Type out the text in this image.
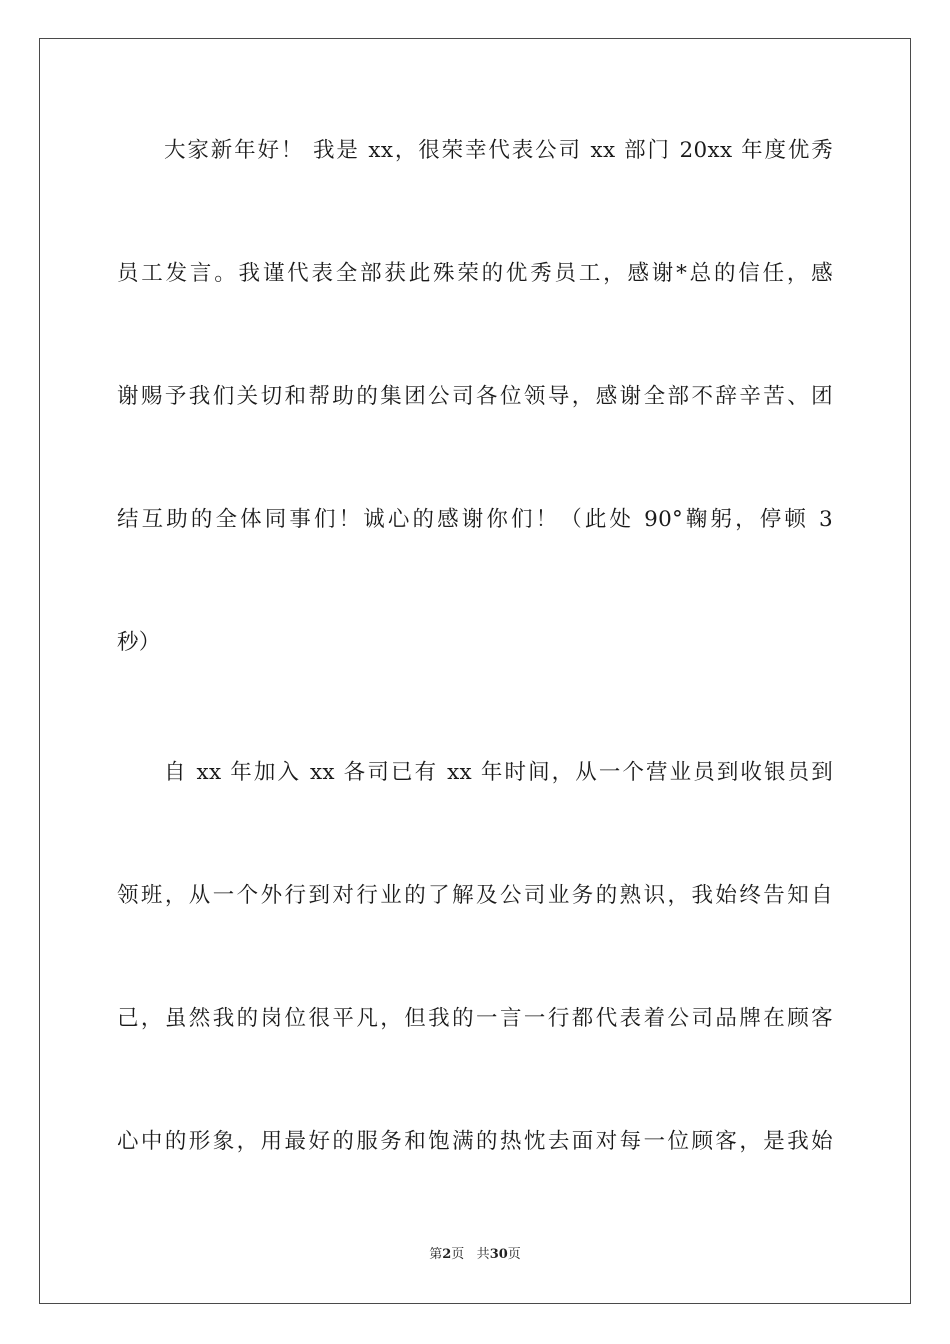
大家新年好！ 我是 xx，很荣幸代表公司 xx 部门 20xx 年度优秀
员工发言。我谨代表全部获此殊荣的优秀员工，感谢*总的信任，感
谢赐予我们关切和帮助的集团公司各位领导，感谢全部不辞辛苦、团
结互助的全体同事们！诚心的感谢你们！（此处 90°鞠躬，停顿 3
秒）
自 xx 年加入 xx 各司已有 xx 年时间，从一个营业员到收银员到
领班，从一个外行到对行业的了解及公司业务的熟识，我始终告知自
己，虽然我的岗位很平凡，但我的一言一行都代表着公司品牌在顾客
心中的形象，用最好的服务和饱满的热忱去面对每一位顾客，是我始
第2页 共30页
